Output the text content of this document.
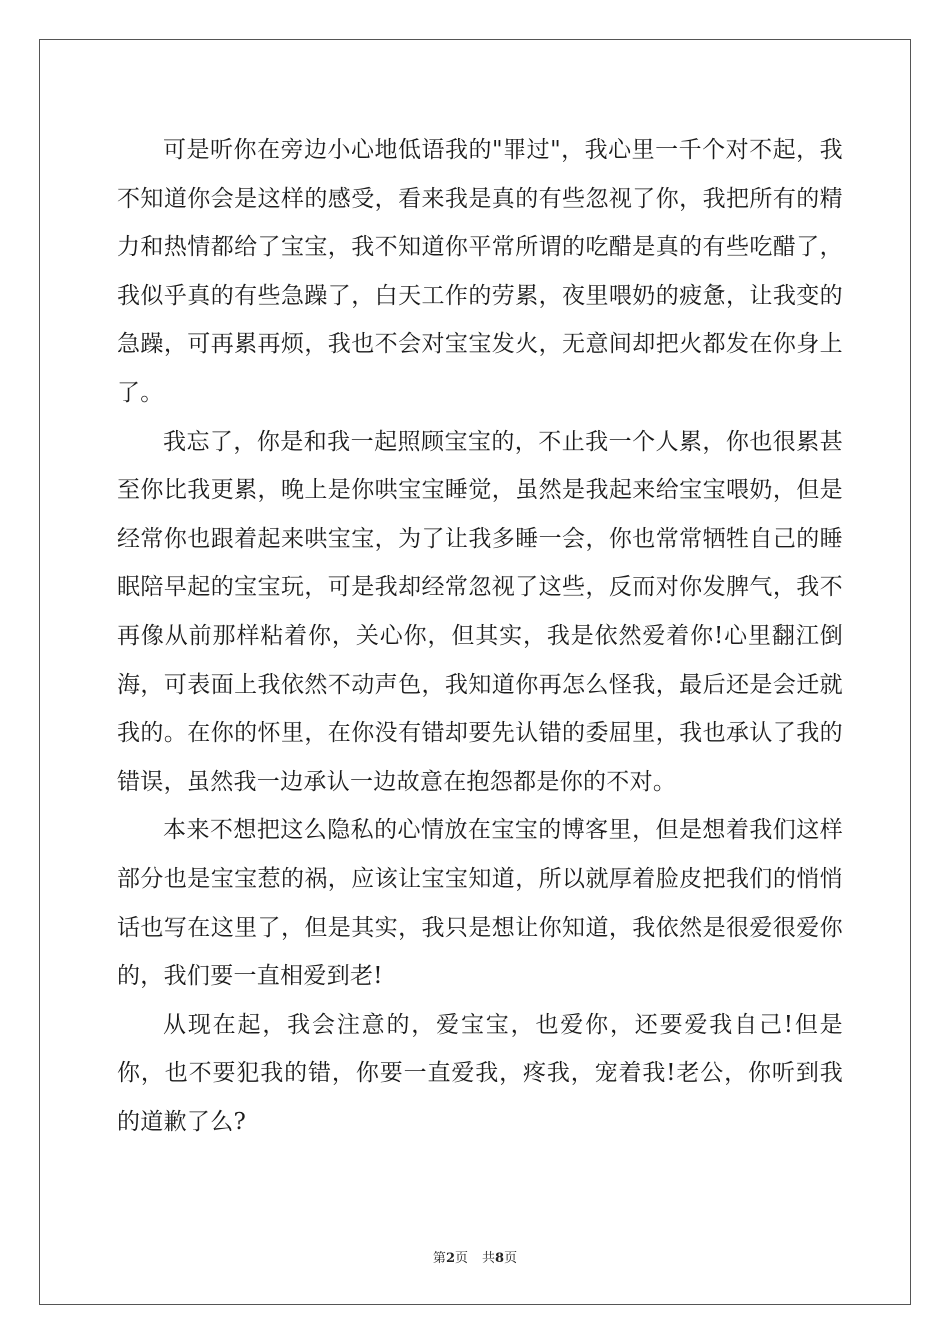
可是听你在旁边小心地低语我的"罪过"，我心里一千个对不起，我不知道你会是这样的感受，看来我是真的有些忽视了你，我把所有的精力和热情都给了宝宝，我不知道你平常所谓的吃醋是真的有些吃醋了，我似乎真的有些急躁了，白天工作的劳累，夜里喂奶的疲惫，让我变的急躁，可再累再烦，我也不会对宝宝发火，无意间却把火都发在你身上了。

我忘了，你是和我一起照顾宝宝的，不止我一个人累，你也很累甚至你比我更累，晚上是你哄宝宝睡觉，虽然是我起来给宝宝喂奶，但是经常你也跟着起来哄宝宝，为了让我多睡一会，你也常常牺牲自己的睡眠陪早起的宝宝玩，可是我却经常忽视了这些，反而对你发脾气，我不再像从前那样粘着你，关心你，但其实，我是依然爱着你!心里翻江倒海，可表面上我依然不动声色，我知道你再怎么怪我，最后还是会迁就我的。在你的怀里，在你没有错却要先认错的委屈里，我也承认了我的错误，虽然我一边承认一边故意在抱怨都是你的不对。

本来不想把这么隐私的心情放在宝宝的博客里，但是想着我们这样部分也是宝宝惹的祸，应该让宝宝知道，所以就厚着脸皮把我们的悄悄话也写在这里了，但是其实，我只是想让你知道，我依然是很爱很爱你的，我们要一直相爱到老!

从现在起，我会注意的，爱宝宝，也爱你，还要爱我自己!但是你，也不要犯我的错，你要一直爱我，疼我，宠着我!老公，你听到我的道歉了么?

第2页 共8页
